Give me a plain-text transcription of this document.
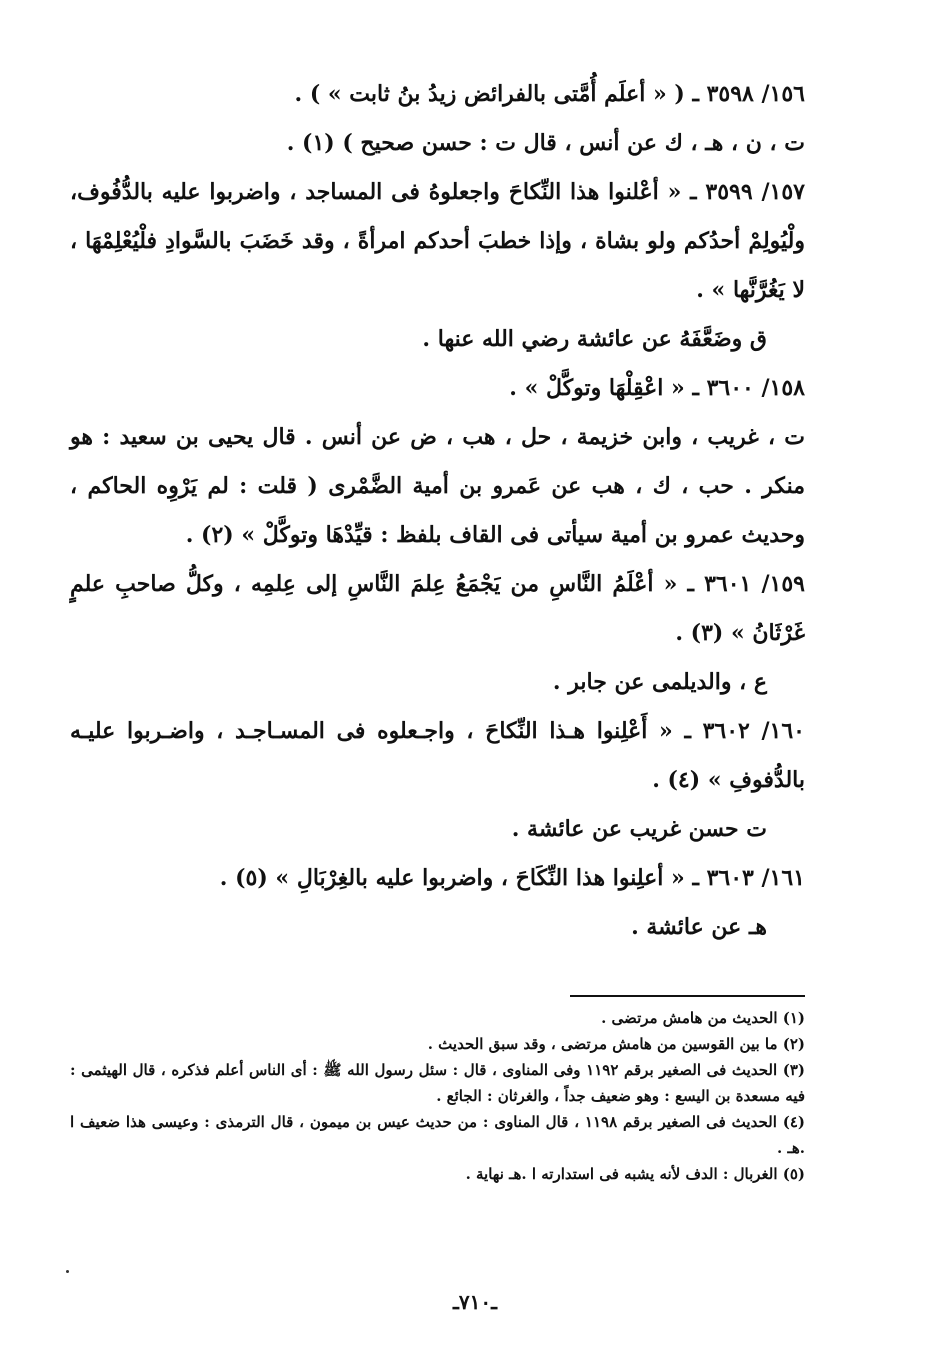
١٥٦/ ٣٥٩٨ ـ ( « أعلَم أُمَّتى بالفرائض زيدُ بنُ ثابت » ) .

ت ، ن ، هـ ، ك عن أنس ، قال ت : حسن صحيح ) (١) .

١٥٧/ ٣٥٩٩ ـ « أعْلنوا هذا النِّكاحَ واجعلوهُ فى المساجد ، واضربوا عليه بالدُّفُوف، ولْيُولِمْ أحدُكم ولو بشاة ، وإذا خطبَ أحدكم امرأةً ، وقد خَضَبَ بالسَّوادِ فلْيُعْلِمْهَا ، لا يَغُرَّنَّها » .

ق وضَعَّفَهُ عن عائشة رضي الله عنها .

١٥٨/ ٣٦٠٠ ـ « اعْقِلْهَا وتوكَّلْ » .

ت ، غريب ، وابن خزيمة ، حل ، هب ، ض عن أنس . قال يحيى بن سعيد : هو منكر . حب ، ك ، هب عن عَمرو بن أمية الضَّمْرى ( قلت : لم يَرْوِه الحاكم ، وحديث عمرو بن أمية سيأتى فى القاف بلفظ : قيِّدْهَا وتوكَّلْ » (٢) .

١٥٩/ ٣٦٠١ ـ « أعْلَمُ النَّاسِ من يَجْمَعُ عِلمَ النَّاسِ إلى عِلمِه ، وكلُّ صاحبِ علمٍ غَرْثَانُ » (٣) .

ع ، والديلمى عن جابر .

١٦٠/ ٣٦٠٢ ـ « أَعْلِنوا هـذا النِّكاحَ ، واجـعلوه فى المسـاجـد ، واضـربوا عليـه بالدُّفوفِ » (٤) .

ت حسن غريب عن عائشة .

١٦١/ ٣٦٠٣ ـ « أعلِنوا هذا النِّكَاحَ ، واضربوا عليه بالغِرْبَالِ » (٥) .

هـ عن عائشة .

(١) الحديث من هامش مرتضى .

(٢) ما بين القوسين من هامش مرتضى ، وقد سبق الحديث .

(٣) الحديث فى الصغير برقم ١١٩٢ وفى المناوى ، قال : سئل رسول الله ﷺ : أى الناس أعلم فذكره ، قال الهيثمى : فيه مسعدة بن اليسع : وهو ضعيف جداً ، والغرثان : الجائع .

(٤) الحديث فى الصغير برقم ١١٩٨ ، قال المناوى : من حديث عيس بن ميمون ، قال الترمذى : وعيسى هذا ضعيف ا .هـ .

(٥) الغربال : الدف لأنه يشبه فى استدارته ا .هـ نهاية .

ـ٧١٠ـ
